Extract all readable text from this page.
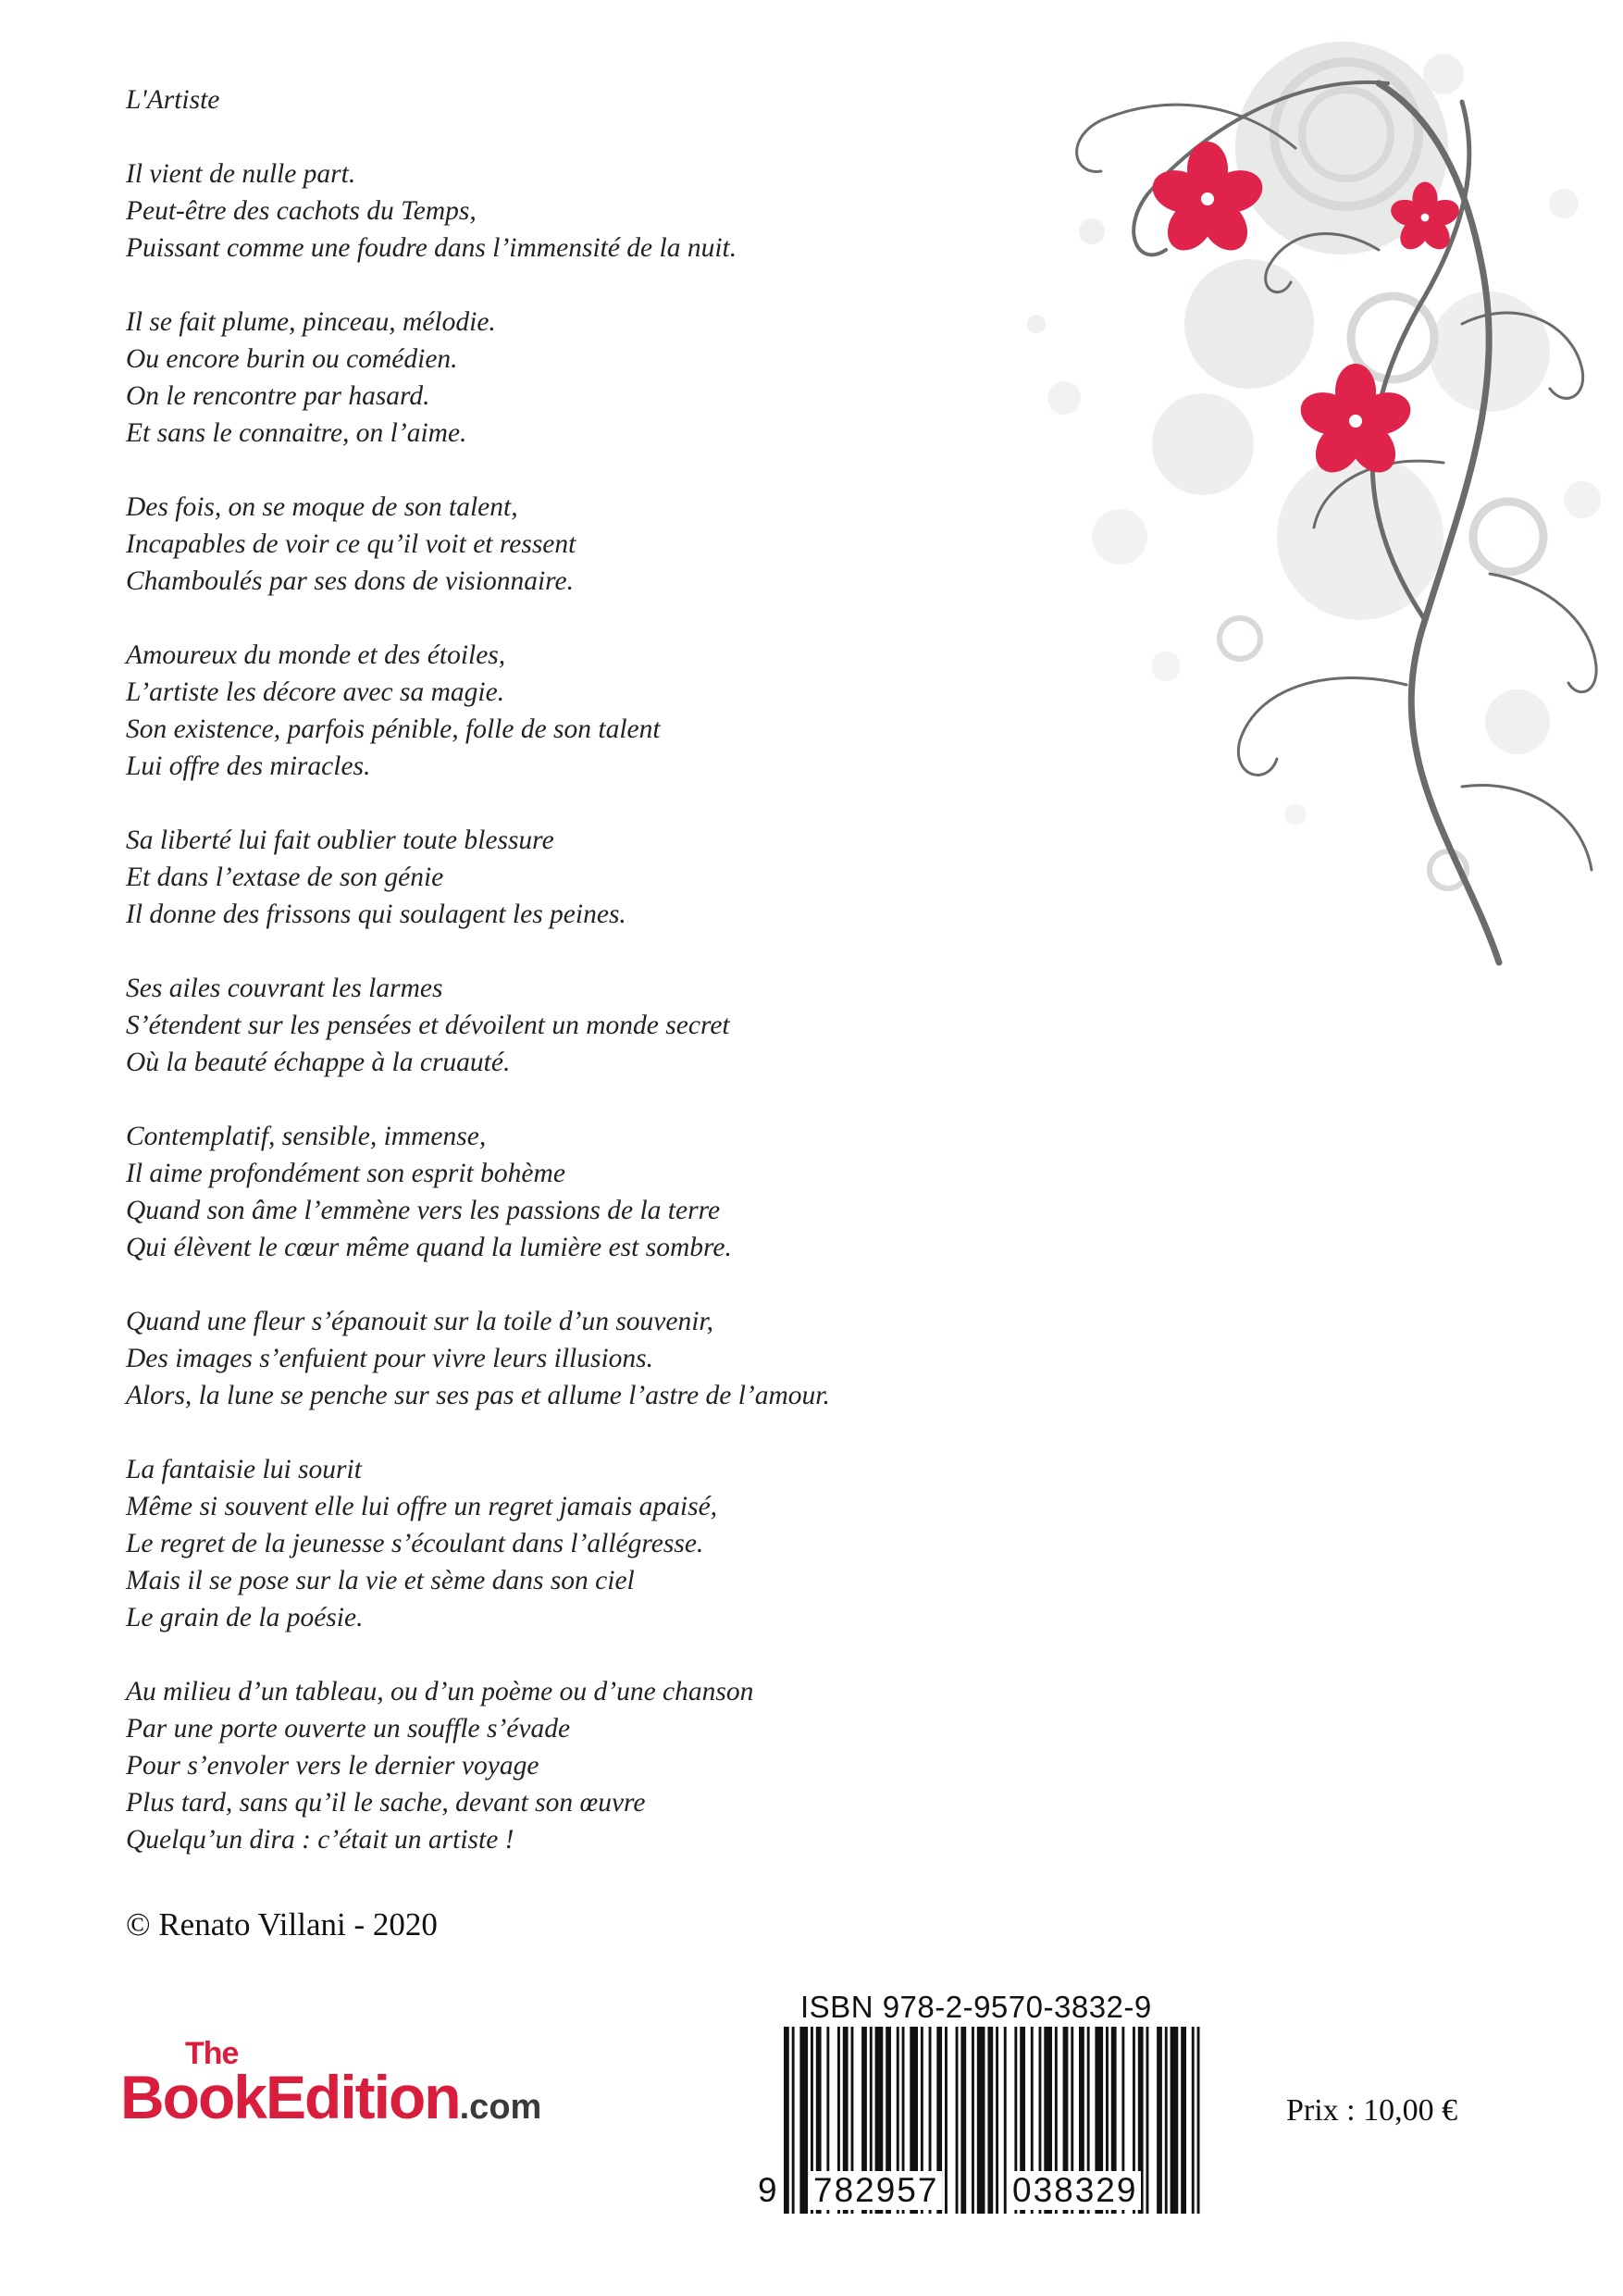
L'Artiste
Il vient de nulle part.
Peut-être des cachots du Temps,
Puissant comme une foudre dans l’immensité de la nuit.
Il se fait plume, pinceau, mélodie.
Ou encore burin ou comédien.
On le rencontre par hasard.
Et sans le connaitre, on l’aime.
Des fois, on se moque de son talent,
Incapables de voir ce qu’il voit et ressent
Chamboulés par ses dons de visionnaire.
Amoureux du monde et des étoiles,
L’artiste les décore avec sa magie.
Son existence, parfois pénible, folle de son talent
Lui offre des miracles.
Sa liberté lui fait oublier toute blessure
Et dans l’extase de son génie
Il donne des frissons qui soulagent les peines.
Ses ailes couvrant les larmes
S’étendent sur les pensées et dévoilent un monde secret
Où la beauté échappe à la cruauté.
Contemplatif, sensible, immense,
Il aime profondément son esprit bohème
Quand son âme l’emmène vers les passions de la terre
Qui élèvent le cœur même quand la lumière est sombre.
Quand une fleur s’épanouit sur la toile d’un souvenir,
Des images s’enfuient pour vivre leurs illusions.
Alors, la lune se penche sur ses pas et allume l’astre de l’amour.
La fantaisie lui sourit
Même si souvent elle lui offre un regret jamais apaisé,
Le regret de la jeunesse s’écoulant dans l’allégresse.
Mais il se pose sur la vie et sème dans son ciel
Le grain de la poésie.
Au milieu d’un tableau, ou d’un poème ou d’une chanson
Par une porte ouverte un souffle s’évade
Pour s’envoler vers le dernier voyage
Plus tard, sans qu’il le sache, devant son œuvre
Quelqu’un dira : c’était un artiste !
© Renato Villani - 2020
The
BookEdition.com
ISBN 978-2-9570-3832-9
9 782957 038329
Prix : 10,00 €
